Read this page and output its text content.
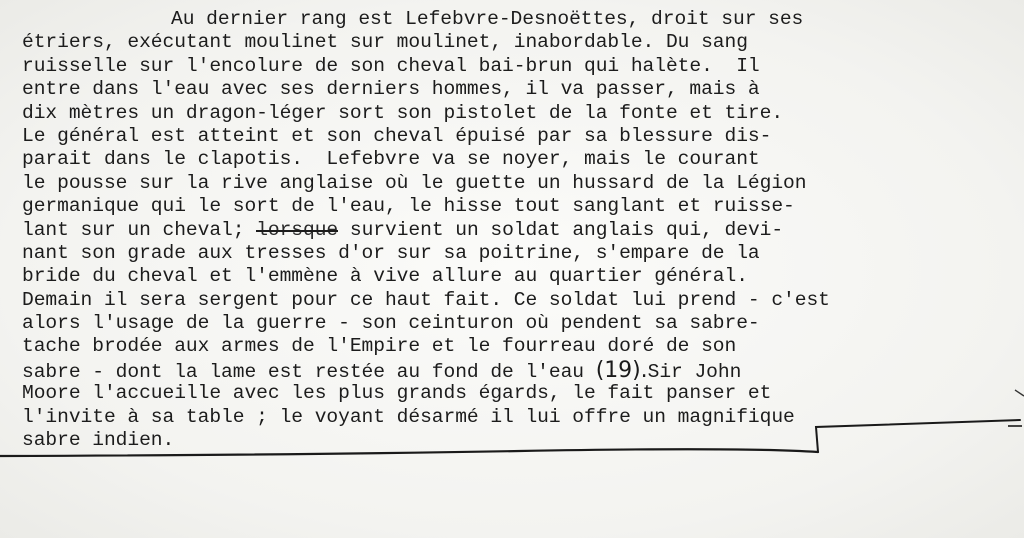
Au dernier rang est Lefebvre-Desnoëttes, droit sur ses
étriers, exécutant moulinet sur moulinet, inabordable. Du sang
ruisselle sur l'encolure de son cheval bai-brun qui halète.  Il
entre dans l'eau avec ses derniers hommes, il va passer, mais à
dix mètres un dragon-léger sort son pistolet de la fonte et tire.
Le général est atteint et son cheval épuisé par sa blessure dis-
parait dans le clapotis.  Lefebvre va se noyer, mais le courant
le pousse sur la rive anglaise où le guette un hussard de la Légion
germanique qui le sort de l'eau, le hisse tout sanglant et ruisse-
lant sur un cheval; lorsque survient un soldat anglais qui, devi-
nant son grade aux tresses d'or sur sa poitrine, s'empare de la
bride du cheval et l'emmène à vive allure au quartier général.
Demain il sera sergent pour ce haut fait. Ce soldat lui prend - c'est
alors l'usage de la guerre - son ceinturon où pendent sa sabre-
tache brodée aux armes de l'Empire et le fourreau doré de son
sabre - dont la lame est restée au fond de l'eau (19).Sir John
Moore l'accueille avec les plus grands égards, le fait panser et
l'invite à sa table ; le voyant désarmé il lui offre un magnifique
sabre indien.
